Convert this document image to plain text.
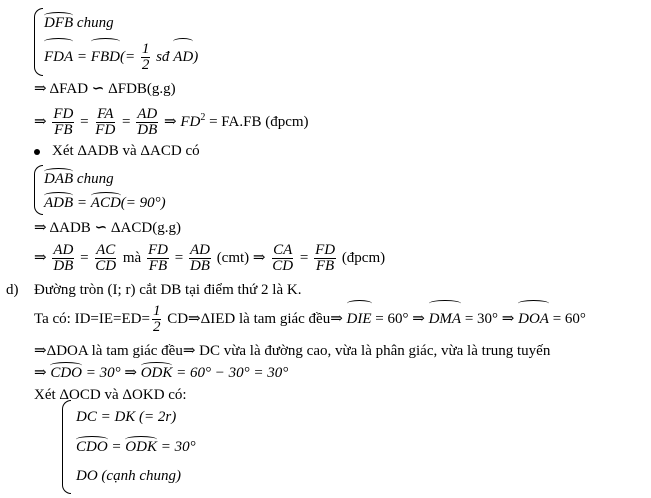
DFB chung
FDA = $FBD(= \frac{1}{2}$ sđ AD)
⇒ ΔFAD ∽ ΔFDB(g.g)
⇒ $\frac{FD}{FB} = \frac{FA}{FD} = \frac{AD}{DB}$ ⇒ $FD^2 = FA.FB$ (đpcm)
Xét ΔADB và ΔACD có
DAB chung
ADB = ACD(= 90°)
⇒ ΔADB ∽ ΔACD(g.g)
⇒ $\frac{AD}{DB} = \frac{AC}{CD}$ mà $\frac{FD}{FB} = \frac{AD}{DB} (cmt)$ ⇒ $\frac{CA}{CD} = \frac{FD}{FB}$ (đpcm)
d) Đường tròn (I; r) cắt DB tại điểm thứ 2 là K.
Ta có: $ID=IE=ED= \frac{1}{2}$ CD⇒ΔIED là tam giác đều⇒ DIE = 60° ⇒ DMA = 30° ⇒ DOA = 60°
⇒ΔDOA là tam giác đều⇒ DC vừa là đường cao, vừa là phân giác, vừa là trung tuyến
⇒ CDO = 30° ⇒ ODK = 60° − 30° = 30°
Xét ΔOCD và ΔOKD có:
DC = DK (= 2r)
CDO = ODK = 30°
DO (cạnh chung)
